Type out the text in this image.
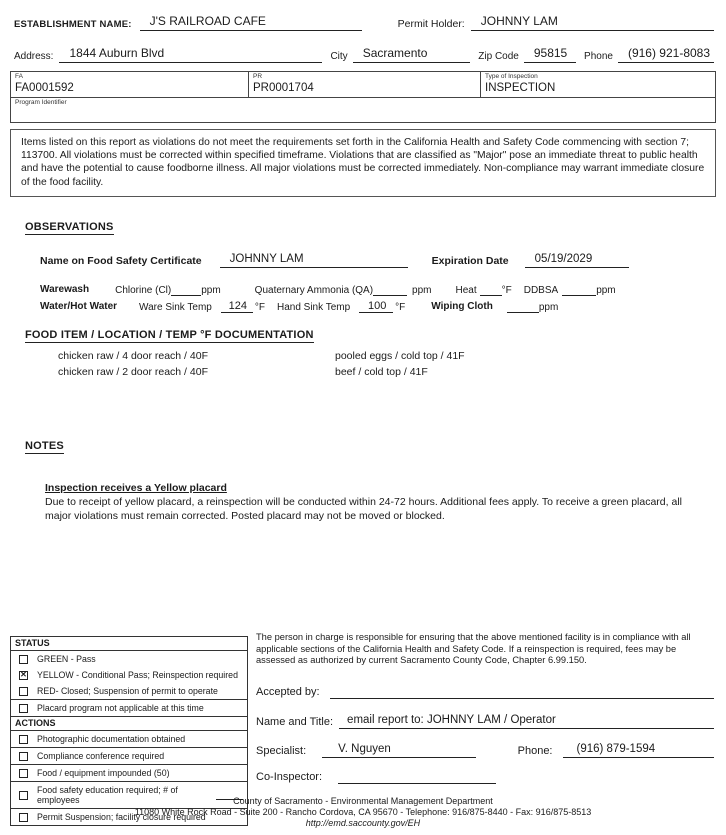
ESTABLISHMENT NAME:	J'S RAILROAD CAFE	Permit Holder:	JOHNNY LAM
Address:	1844 Auburn Blvd	City	Sacramento	Zip Code	95815	Phone	(916) 921-8083
FA
FA0001592
PR
PR0001704
Type of Inspection
INSPECTION
Program Identifier
Items listed on this report as violations do not meet the requirements set forth in the California Health and Safety Code commencing with section 7; 113700. All violations must be corrected within specified timeframe. Violations that are classified as "Major" pose an immediate threat to public health and have the potential to cause foodborne illness. All major violations must be corrected immediately. Non-compliance may warrant immediate closure of the food facility.
OBSERVATIONS
Name on Food Safety Certificate	JOHNNY LAM	Expiration Date	05/19/2029
Warewash	Chlorine (Cl)	ppm	Quaternary Ammonia (QA)	ppm Heat	°F DDBSA	ppm
Water/Hot Water Ware Sink Temp	124 °F Hand Sink Temp	100 °F	Wiping Cloth	ppm
FOOD ITEM / LOCATION / TEMP °F DOCUMENTATION
chicken raw / 4 door reach / 40F
chicken raw / 2 door reach / 40F
pooled eggs / cold top / 41F
beef / cold top / 41F
NOTES
Inspection receives a Yellow placard
Due to receipt of yellow placard, a reinspection will be conducted within 24-72 hours. Additional fees apply. To receive a green placard, all major violations must remain corrected. Posted placard may not be moved or blocked.
STATUS
GREEN - Pass
✕ YELLOW - Conditional Pass; Reinspection required
RED- Closed; Suspension of permit to operate
Placard program not applicable at this time
ACTIONS
Photographic documentation obtained
Compliance conference required
Food / equipment impounded (50)
Food safety education required; # of employees
Permit Suspension; facility closure required
The person in charge is responsible for ensuring that the above mentioned facility is in compliance with all applicable sections of the California Health and Safety Code. If a reinspection is required, fees may be assessed as authorized by current Sacramento County Code, Chapter 6.99.150.
Accepted by:
Name and Title:	email report to: JOHNNY LAM / Operator
Specialist:	V. Nguyen	Phone:	(916) 879-1594
Co-Inspector:
County of Sacramento - Environmental Management Department
11080 White Rock Road - Suite 200 - Rancho Cordova, CA 95670 - Telephone: 916/875-8440 - Fax: 916/875-8513
http://emd.saccounty.gov/EH
